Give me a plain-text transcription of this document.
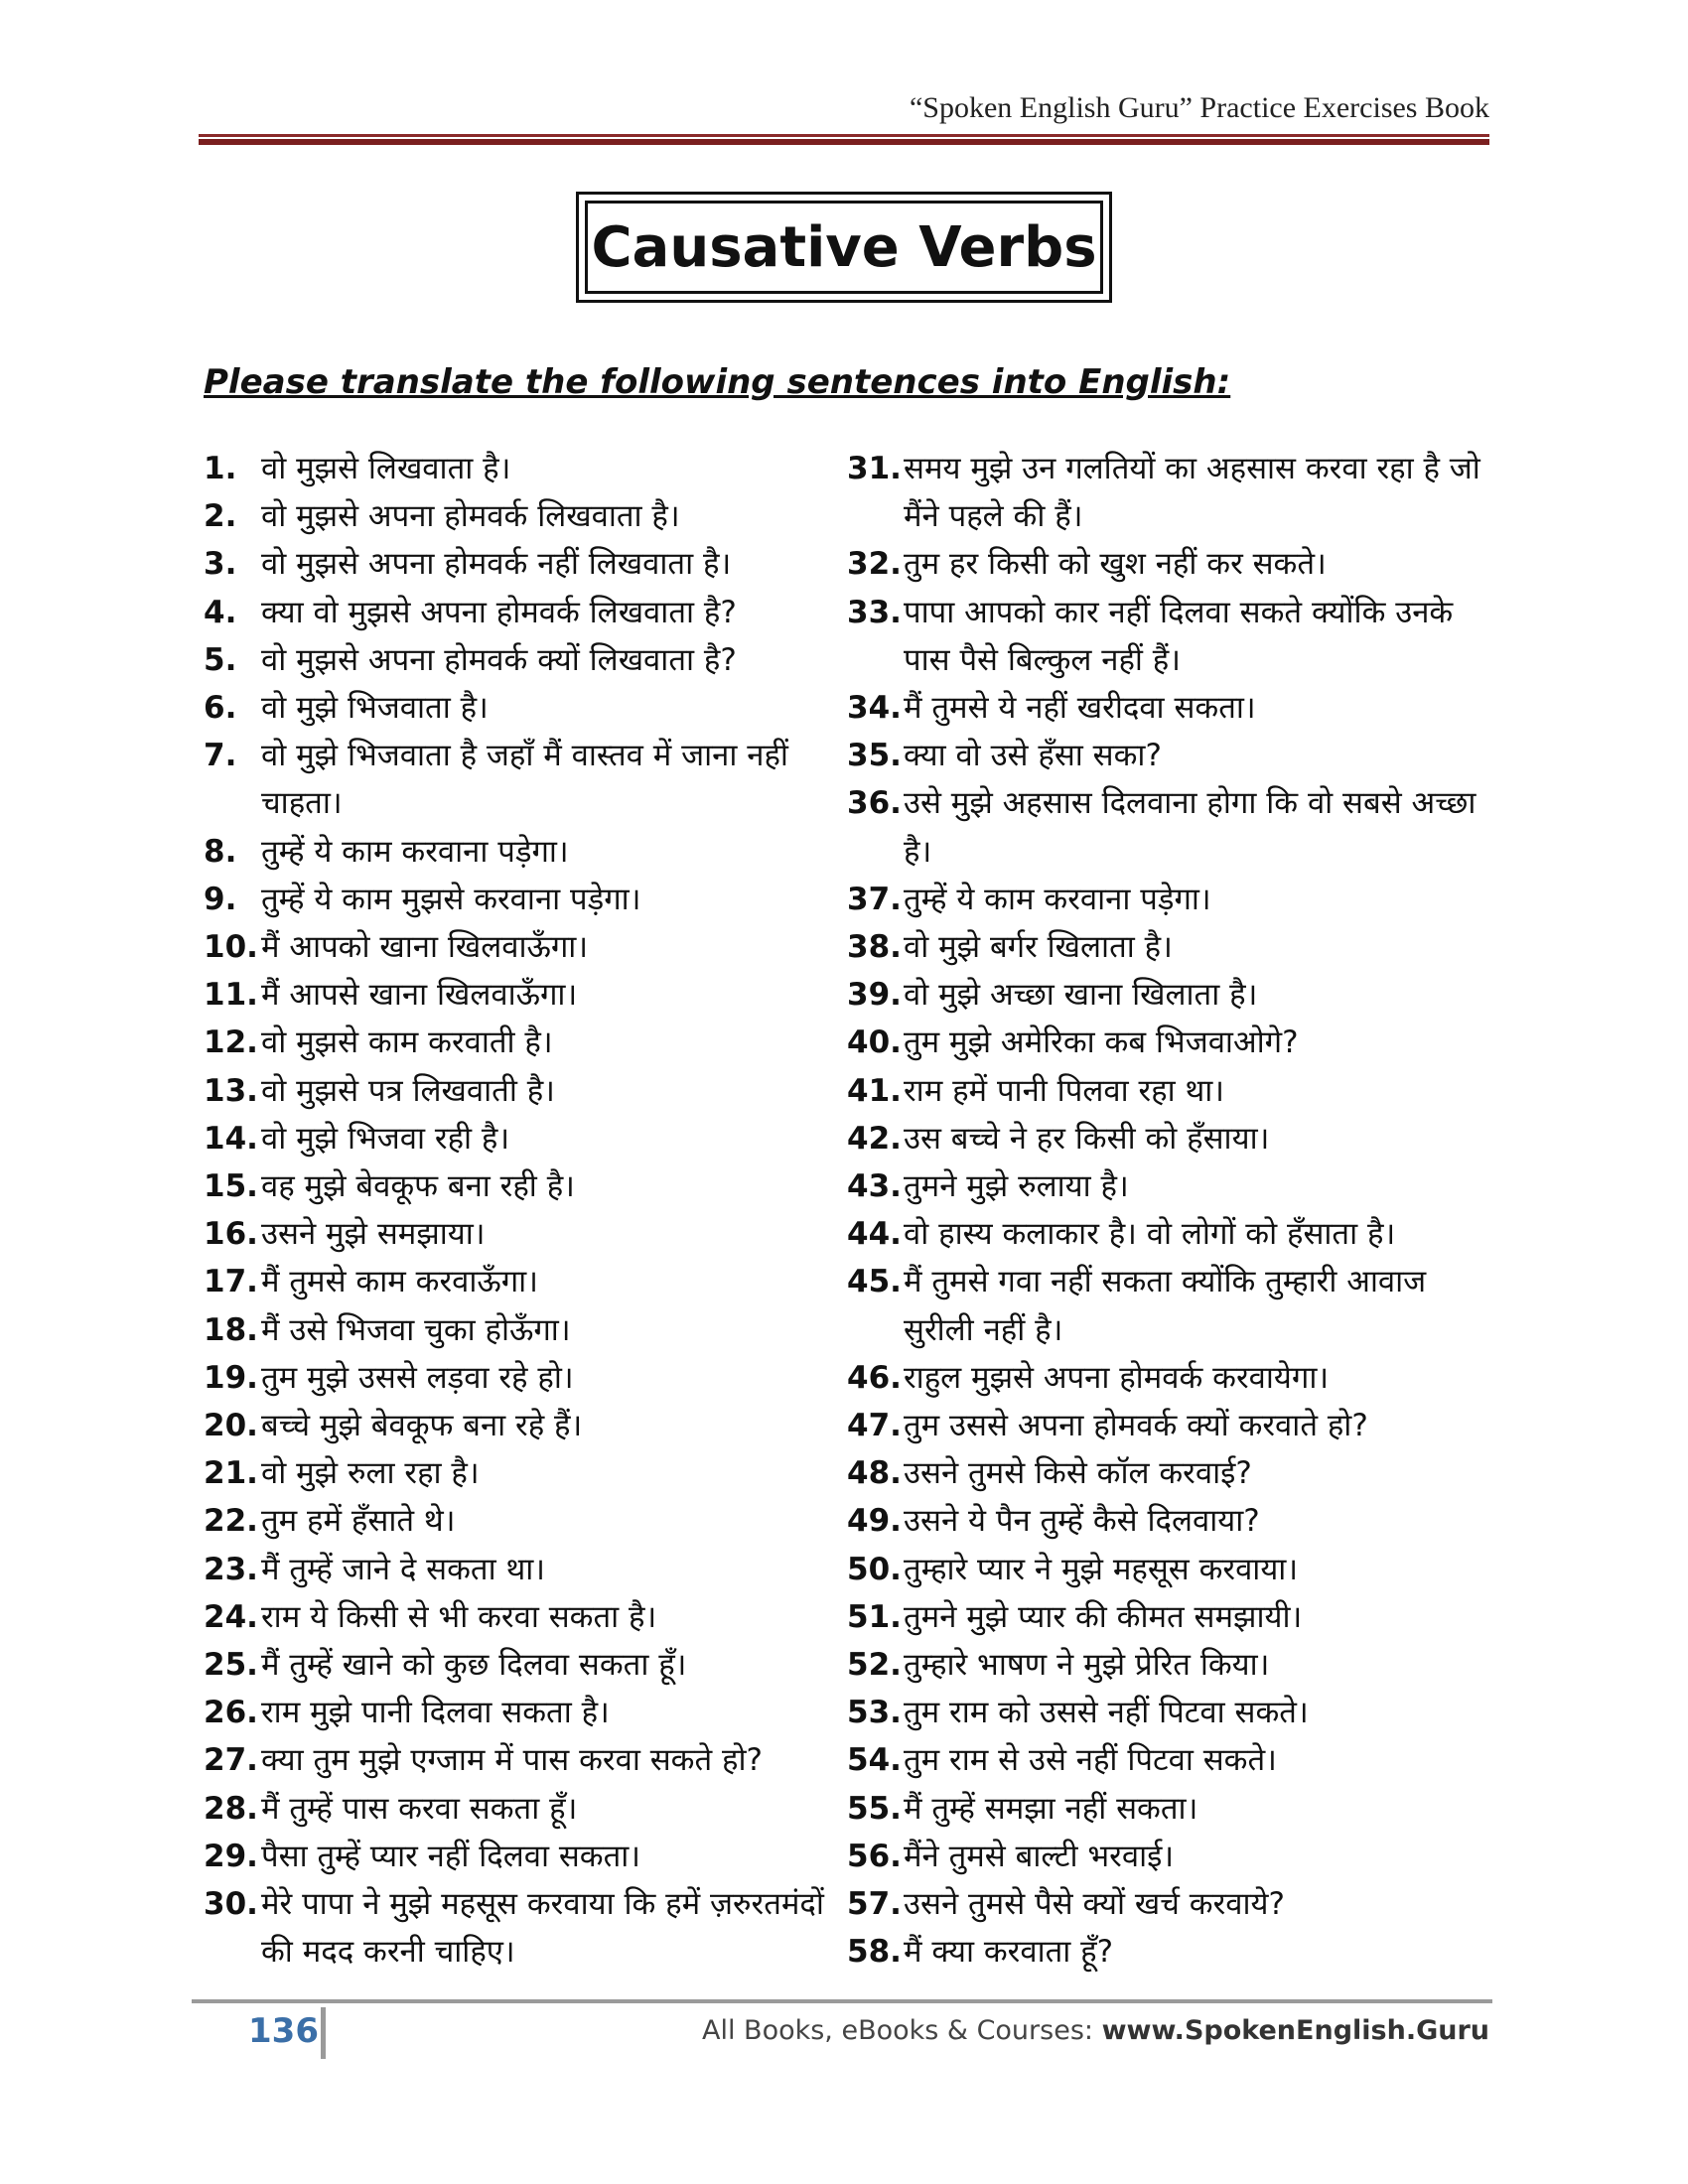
“Spoken English Guru” Practice Exercises Book
Causative Verbs
Please translate the following sentences into English:
1. वो मुझसे लिखवाता है।
2. वो मुझसे अपना होमवर्क लिखवाता है।
3. वो मुझसे अपना होमवर्क नहीं लिखवाता है।
4. क्या वो मुझसे अपना होमवर्क लिखवाता है?
5. वो मुझसे अपना होमवर्क क्यों लिखवाता है?
6. वो मुझे भिजवाता है।
7. वो मुझे भिजवाता है जहाँ मैं वास्तव में जाना नहीं चाहता।
8. तुम्हें ये काम करवाना पड़ेगा।
9. तुम्हें ये काम मुझसे करवाना पड़ेगा।
10. मैं आपको खाना खिलवाऊँगा।
11. मैं आपसे खाना खिलवाऊँगा।
12. वो मुझसे काम करवाती है।
13. वो मुझसे पत्र लिखवाती है।
14. वो मुझे भिजवा रही है।
15. वह मुझे बेवकूफ बना रही है।
16. उसने मुझे समझाया।
17. मैं तुमसे काम करवाऊँगा।
18. मैं उसे भिजवा चुका होऊँगा।
19. तुम मुझे उससे लड़वा रहे हो।
20. बच्चे मुझे बेवकूफ बना रहे हैं।
21. वो मुझे रुला रहा है।
22. तुम हमें हँसाते थे।
23. मैं तुम्हें जाने दे सकता था।
24. राम ये किसी से भी करवा सकता है।
25. मैं तुम्हें खाने को कुछ दिलवा सकता हूँ।
26. राम मुझे पानी दिलवा सकता है।
27. क्या तुम मुझे एग्जाम में पास करवा सकते हो?
28. मैं तुम्हें पास करवा सकता हूँ।
29. पैसा तुम्हें प्यार नहीं दिलवा सकता।
30. मेरे पापा ने मुझे महसूस करवाया कि हमें ज़रुरतमंदों की मदद करनी चाहिए।
31. समय मुझे उन गलतियों का अहसास करवा रहा है जो मैंने पहले की हैं।
32. तुम हर किसी को खुश नहीं कर सकते।
33. पापा आपको कार नहीं दिलवा सकते क्योंकि उनके पास पैसे बिल्कुल नहीं हैं।
34. मैं तुमसे ये नहीं खरीदवा सकता।
35. क्या वो उसे हँसा सका?
36. उसे मुझे अहसास दिलवाना होगा कि वो सबसे अच्छा है।
37. तुम्हें ये काम करवाना पड़ेगा।
38. वो मुझे बर्गर खिलाता है।
39. वो मुझे अच्छा खाना खिलाता है।
40. तुम मुझे अमेरिका कब भिजवाओगे?
41. राम हमें पानी पिलवा रहा था।
42. उस बच्चे ने हर किसी को हँसाया।
43. तुमने मुझे रुलाया है।
44. वो हास्य कलाकार है। वो लोगों को हँसाता है।
45. मैं तुमसे गवा नहीं सकता क्योंकि तुम्हारी आवाज सुरीली नहीं है।
46. राहुल मुझसे अपना होमवर्क करवायेगा।
47. तुम उससे अपना होमवर्क क्यों करवाते हो?
48. उसने तुमसे किसे कॉल करवाई?
49. उसने ये पैन तुम्हें कैसे दिलवाया?
50. तुम्हारे प्यार ने मुझे महसूस करवाया।
51. तुमने मुझे प्यार की कीमत समझायी।
52. तुम्हारे भाषण ने मुझे प्रेरित किया।
53. तुम राम को उससे नहीं पिटवा सकते।
54. तुम राम से उसे नहीं पिटवा सकते।
55. मैं तुम्हें समझा नहीं सकता।
56. मैंने तुमसे बाल्टी भरवाई।
57. उसने तुमसे पैसे क्यों खर्च करवाये?
58. मैं क्या करवाता हूँ?
136	All Books, eBooks & Courses: www.SpokenEnglish.Guru
